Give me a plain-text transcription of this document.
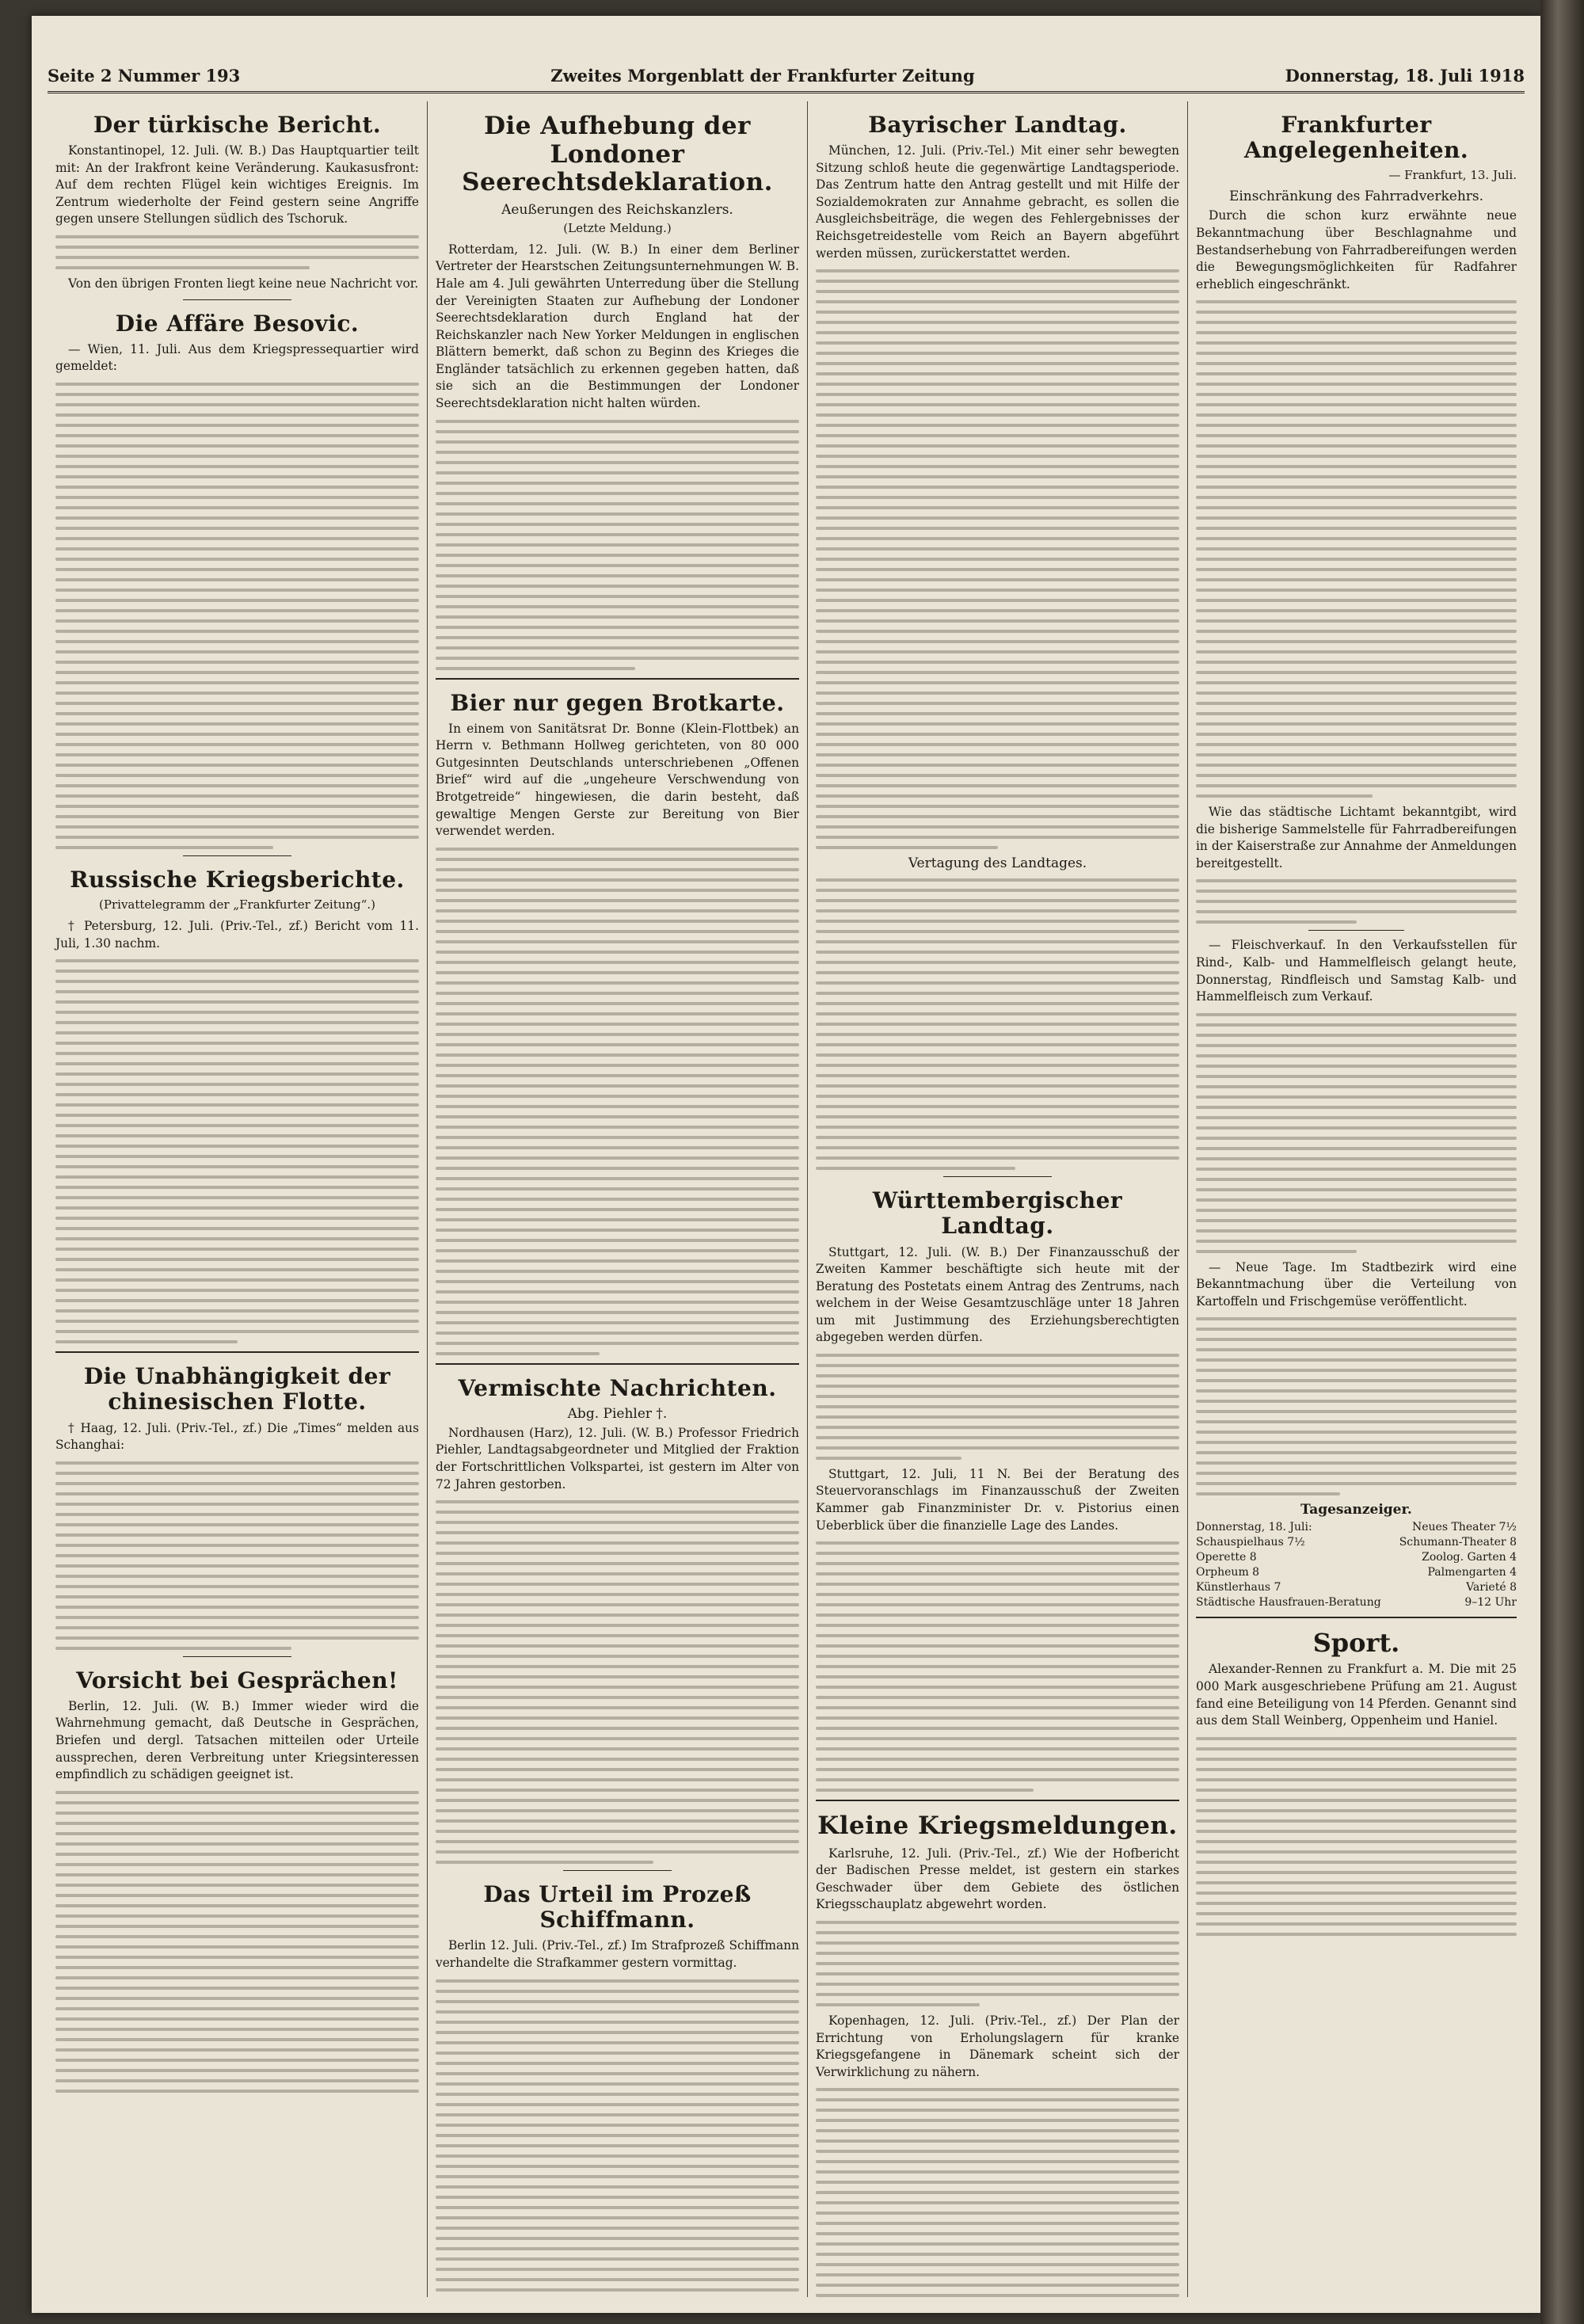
Seite 2 Nummer 193	Zweites Morgenblatt der Frankfurter Zeitung	Donnerstag, 18. Juli 1918
Der türkische Bericht.

Konstantinopel, 12. Juli. (W. B.) Das Hauptquartier teilt mit: An der Irakfront keine Veränderung. Kaukasusfront: Auf dem rechten Flügel kein wichtiges Ereignis. Im Zentrum wiederholte der Feind gestern seine Angriffe gegen unsere Stellungen südlich des Tschoruk.

Von den übrigen Fronten liegt keine neue Nachricht vor.

Die Affäre Besovic.

— Wien, 11. Juli. Aus dem Kriegspressequartier wird gemeldet:

Russische Kriegsberichte.
(Privattelegramm der „Frankfurter Zeitung“.)

† Petersburg, 12. Juli. (Priv.-Tel., zf.) Bericht vom 11. Juli, 1.30 nachm.

Die Unabhängigkeit der chinesischen Flotte.

† Haag, 12. Juli. (Priv.-Tel., zf.) Die „Times“ melden aus Schanghai:

Vorsicht bei Gesprächen!

Berlin, 12. Juli. (W. B.) Immer wieder wird die Wahrnehmung gemacht, daß Deutsche in Gesprächen, Briefen und dergl. Tatsachen mitteilen oder Urteile aussprechen, deren Verbreitung unter Kriegsinteressen empfindlich zu schädigen geeignet ist.

Die Aufhebung der Londoner Seerechtsdeklaration.
Aeußerungen des Reichskanzlers.
(Letzte Meldung.)

Rotterdam, 12. Juli. (W. B.) In einer dem Berliner Vertreter der Hearstschen Zeitungsunternehmungen W. B. Hale am 4. Juli gewährten Unterredung über die Stellung der Vereinigten Staaten zur Aufhebung der Londoner Seerechtsdeklaration durch England hat der Reichskanzler nach New Yorker Meldungen in englischen Blättern bemerkt, daß schon zu Beginn des Krieges die Engländer tatsächlich zu erkennen gegeben hatten, daß sie sich an die Bestimmungen der Londoner Seerechtsdeklaration nicht halten würden.

Bier nur gegen Brotkarte.

In einem von Sanitätsrat Dr. Bonne (Klein-Flottbek) an Herrn v. Bethmann Hollweg gerichteten, von 80 000 Gutgesinnten Deutschlands unterschriebenen „Offenen Brief“ wird auf die „ungeheure Verschwendung von Brotgetreide“ hingewiesen, die darin besteht, daß gewaltige Mengen Gerste zur Bereitung von Bier verwendet werden.

Vermischte Nachrichten.
Abg. Piehler †.

Nordhausen (Harz), 12. Juli. (W. B.) Professor Friedrich Piehler, Landtagsabgeordneter und Mitglied der Fraktion der Fortschrittlichen Volkspartei, ist gestern im Alter von 72 Jahren gestorben.

Das Urteil im Prozeß Schiffmann.

Berlin 12. Juli. (Priv.-Tel., zf.) Im Strafprozeß Schiffmann verhandelte die Strafkammer gestern vormittag.

Bayrischer Landtag.

München, 12. Juli. (Priv.-Tel.) Mit einer sehr bewegten Sitzung schloß heute die gegenwärtige Landtagsperiode. Das Zentrum hatte den Antrag gestellt und mit Hilfe der Sozialdemokraten zur Annahme gebracht, es sollen die Ausgleichsbeiträge, die wegen des Fehlergebnisses der Reichsgetreidestelle vom Reich an Bayern abgeführt werden müssen, zurückerstattet werden.

Vertagung des Landtages.
Württembergischer Landtag.

Stuttgart, 12. Juli. (W. B.) Der Finanzausschuß der Zweiten Kammer beschäftigte sich heute mit der Beratung des Postetats einem Antrag des Zentrums, nach welchem in der Weise Gesamtzuschläge unter 18 Jahren um mit Justimmung des Erziehungsberechtigten abgegeben werden dürfen.

Stuttgart, 12. Juli, 11 N. Bei der Beratung des Steuervoranschlags im Finanzausschuß der Zweiten Kammer gab Finanzminister Dr. v. Pistorius einen Ueberblick über die finanzielle Lage des Landes.

Kleine Kriegsmeldungen.

Karlsruhe, 12. Juli. (Priv.-Tel., zf.) Wie der Hofbericht der Badischen Presse meldet, ist gestern ein starkes Geschwader über dem Gebiete des östlichen Kriegsschauplatz abgewehrt worden.

Kopenhagen, 12. Juli. (Priv.-Tel., zf.) Der Plan der Errichtung von Erholungslagern für kranke Kriegsgefangene in Dänemark scheint sich der Verwirklichung zu nähern.

Frankfurter Angelegenheiten.
— Frankfurt, 13. Juli.
Einschränkung des Fahrradverkehrs.

Durch die schon kurz erwähnte neue Bekanntmachung über Beschlagnahme und Bestandserhebung von Fahrradbereifungen werden die Bewegungsmöglichkeiten für Radfahrer erheblich eingeschränkt.

Wie das städtische Lichtamt bekanntgibt, wird die bisherige Sammelstelle für Fahrradbereifungen in der Kaiserstraße zur Annahme der Anmeldungen bereitgestellt.

— Fleischverkauf. In den Verkaufsstellen für Rind-, Kalb- und Hammelfleisch gelangt heute, Donnerstag, Rindfleisch und Samstag Kalb- und Hammelfleisch zum Verkauf.

— Neue Tage. Im Stadtbezirk wird eine Bekanntmachung über die Verteilung von Kartoffeln und Frischgemüse veröffentlicht.

Tagesanzeiger.
Donnerstag, 18. Juli:	Neues Theater 7½
Schauspielhaus 7½	Schumann-Theater 8
Operette 8	Zoolog. Garten 4
Orpheum 8	Palmengarten 4
Künstlerhaus 7	Varieté 8
Städtische Hausfrauen-Beratung	9–12 Uhr
Sport.

Alexander-Rennen zu Frankfurt a. M. Die mit 25 000 Mark ausgeschriebene Prüfung am 21. August fand eine Beteiligung von 14 Pferden. Genannt sind aus dem Stall Weinberg, Oppenheim und Haniel.
